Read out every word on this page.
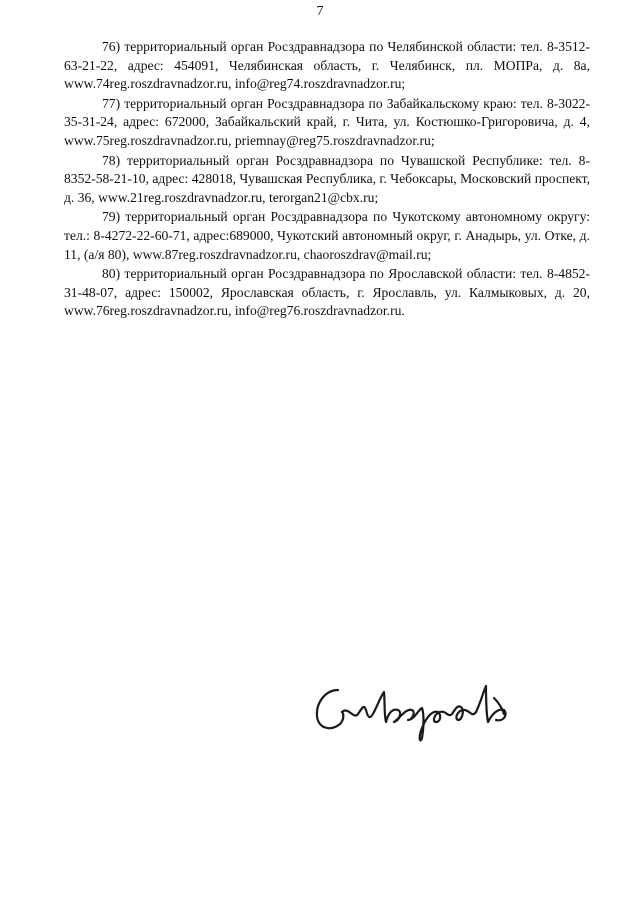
7

76) территориальный орган Росздравнадзора по Челябинской области: тел. 8-3512-63-21-22, адрес: 454091, Челябинская область, г. Челябинск, пл. МОПРа, д. 8а, www.74reg.roszdravnadzor.ru, info@reg74.roszdravnadzor.ru;

77) территориальный орган Росздравнадзора по Забайкальскому краю: тел. 8-3022-35-31-24, адрес: 672000, Забайкальский край, г. Чита, ул. Костюшко-Григоровича, д. 4, www.75reg.roszdravnadzor.ru, priemnay@reg75.roszdravnadzor.ru;

78) территориальный орган Росздравнадзора по Чувашской Республике: тел. 8-8352-58-21-10, адрес: 428018, Чувашская Республика, г. Чебоксары, Московский проспект, д. 36, www.21reg.roszdravnadzor.ru, terorgan21@cbx.ru;

79) территориальный орган Росздравнадзора по Чукотскому автономному округу: тел.: 8-4272-22-60-71, адрес:689000, Чукотский автономный округ, г. Анадырь, ул. Отке, д. 11, (а/я 80), www.87reg.roszdravnadzor.ru, chaoroszdrav@mail.ru;

80) территориальный орган Росздравнадзора по Ярославской области: тел. 8-4852-31-48-07, адрес: 150002, Ярославская область, г. Ярославль, ул. Калмыковых, д. 20, www.76reg.roszdravnadzor.ru, info@reg76.roszdravnadzor.ru.
